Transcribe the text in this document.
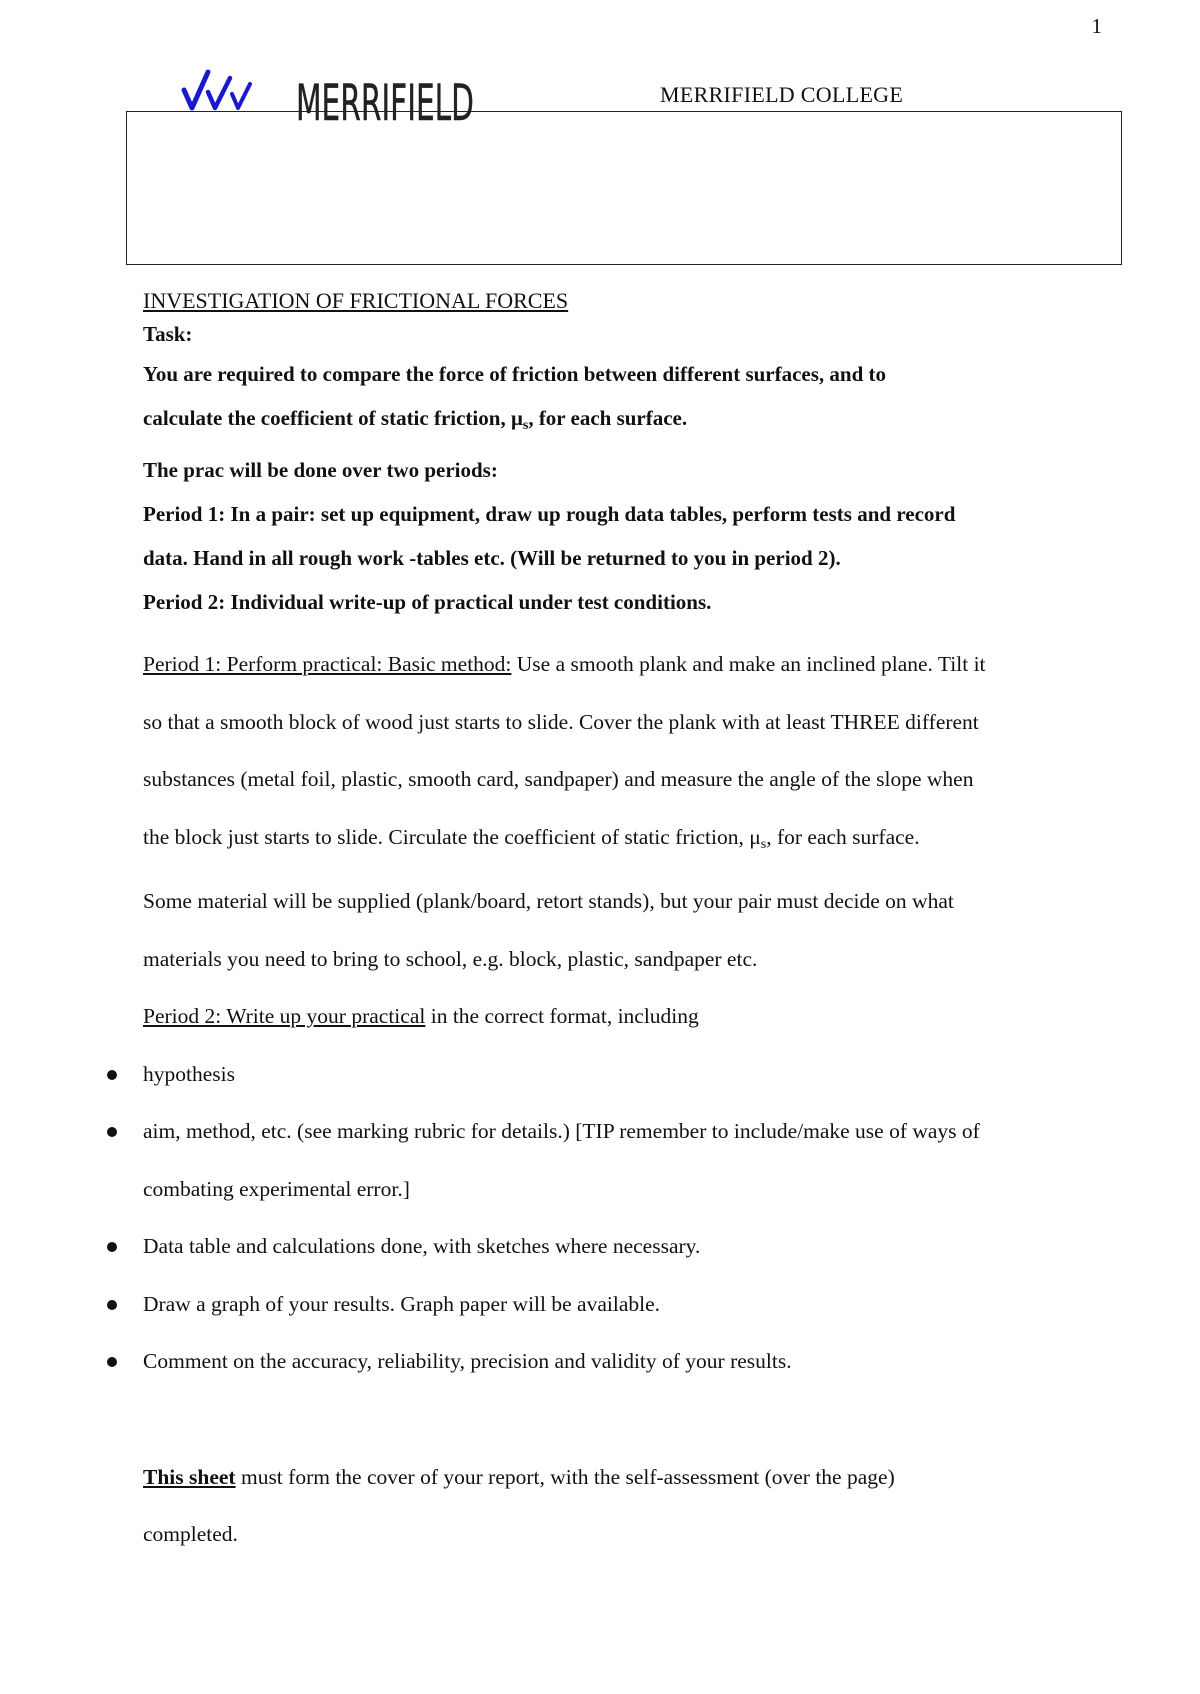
1
MERRIFIELD	MERRIFIELD COLLEGE
INVESTIGATION OF FRICTIONAL FORCES
Task:
You are required to compare the force of friction between different surfaces, and to
calculate the coefficient of static friction, $\mu_s$, for each surface.
The prac will be done over two periods:
Period 1: In a pair: set up equipment, draw up rough data tables, perform tests and record
data. Hand in all rough work -tables etc. (Will be returned to you in period 2).
Period 2: Individual write-up of practical under test conditions.

Period 1: Perform practical: Basic method: Use a smooth plank and make an inclined plane. Tilt it

so that a smooth block of wood just starts to slide. Cover the plank with at least THREE different

substances (metal foil, plastic, smooth card, sandpaper) and measure the angle of the slope when

the block just starts to slide. Circulate the coefficient of static friction, $\mu_s$, for each surface.

Some material will be supplied (plank/board, retort stands), but your pair must decide on what

materials you need to bring to school, e.g. block, plastic, sandpaper etc.

Period 2: Write up your practical in the correct format, including

hypothesis
aim, method, etc. (see marking rubric for details.) [TIP remember to include/make use of ways of
combating experimental error.]
Data table and calculations done, with sketches where necessary.
Draw a graph of your results. Graph paper will be available.
Comment on the accuracy, reliability, precision and validity of your results.

This sheet must form the cover of your report, with the self-assessment (over the page)

completed.
